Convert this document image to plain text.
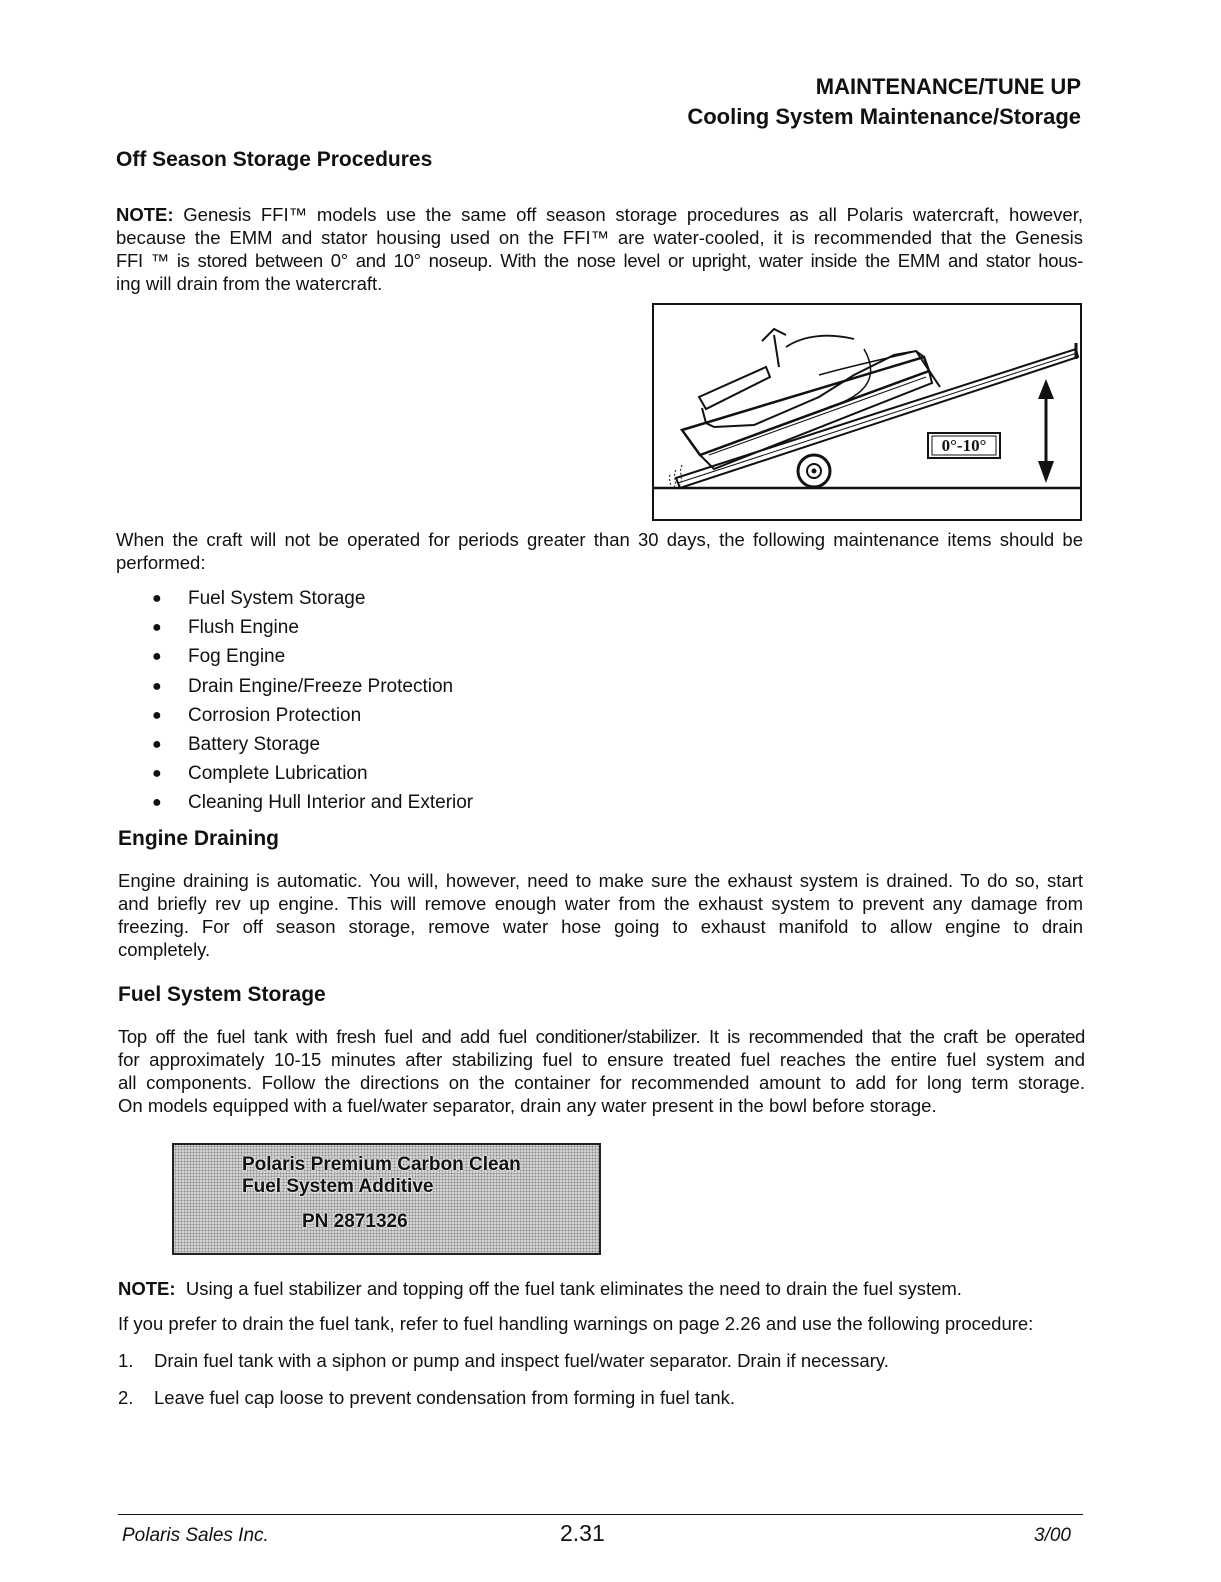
MAINTENANCE/TUNE UP
Cooling System Maintenance/Storage
Off Season Storage Procedures
NOTE: Genesis FFI™ models use the same off season storage procedures as all Polaris watercraft, however,
because the EMM and stator housing used on the FFI™ are water-cooled, it is recommended that the Genesis
FFI ™ is stored between 0° and 10° noseup. With the nose level or upright, water inside the EMM and stator hous-
ing will drain from the watercraft.
0°-10°
When the craft will not be operated for periods greater than 30 days, the following maintenance items should be
performed:
● Fuel System Storage
● Flush Engine
● Fog Engine
● Drain Engine/Freeze Protection
● Corrosion Protection
● Battery Storage
● Complete Lubrication
● Cleaning Hull Interior and Exterior
Engine Draining
Engine draining is automatic. You will, however, need to make sure the exhaust system is drained. To do so, start
and briefly rev up engine. This will remove enough water from the exhaust system to prevent any damage from
freezing. For off season storage, remove water hose going to exhaust manifold to allow engine to drain
completely.
Fuel System Storage
Top off the fuel tank with fresh fuel and add fuel conditioner/stabilizer. It is recommended that the craft be operated
for approximately 10-15 minutes after stabilizing fuel to ensure treated fuel reaches the entire fuel system and
all components. Follow the directions on the container for recommended amount to add for long term storage.
On models equipped with a fuel/water separator, drain any water present in the bowl before storage.
Polaris Premium Carbon Clean
Fuel System Additive
PN 2871326
NOTE: Using a fuel stabilizer and topping off the fuel tank eliminates the need to drain the fuel system.
If you prefer to drain the fuel tank, refer to fuel handling warnings on page 2.26 and use the following procedure:
1. Drain fuel tank with a siphon or pump and inspect fuel/water separator. Drain if necessary.
2. Leave fuel cap loose to prevent condensation from forming in fuel tank.
Polaris Sales Inc.	2.31	3/00
